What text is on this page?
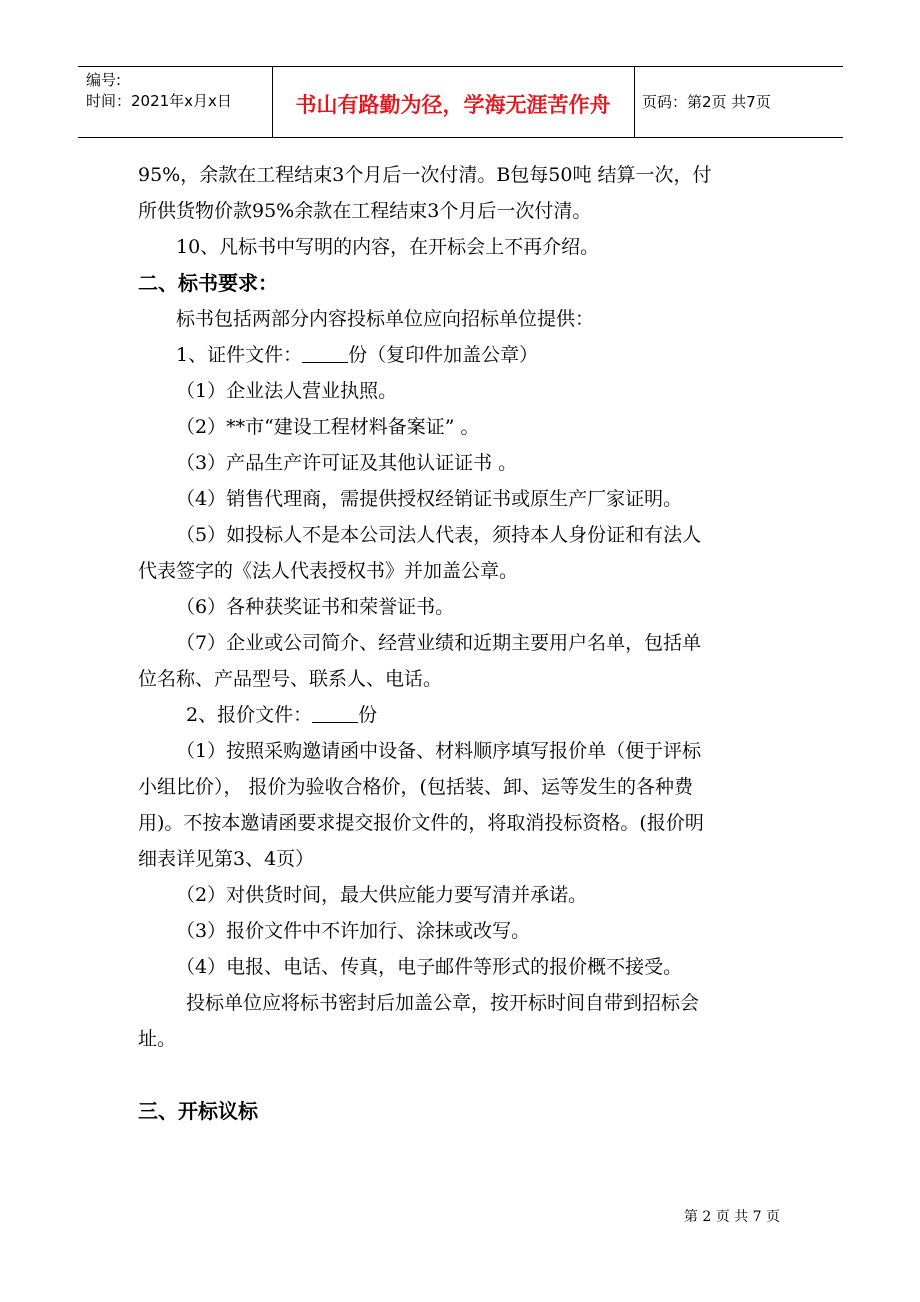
编号:
时间：2021年x月x日	书山有路勤为径，学海无涯苦作舟	页码：第2页 共7页

95%，余款在工程结束3个月后一次付清。B包每50吨 结算一次，付

所供货物价款95%余款在工程结束3个月后一次付清。

10、凡标书中写明的内容，在开标会上不再介绍。

二、标书要求：

标书包括两部分内容投标单位应向招标单位提供：

1、证件文件： 份（复印件加盖公章）

（1）企业法人营业执照。

（2）**市“建设工程材料备案证” 。

（3）产品生产许可证及其他认证证书 。

（4）销售代理商，需提供授权经销证书或原生产厂家证明。

（5）如投标人不是本公司法人代表，须持本人身份证和有法人

代表签字的《法人代表授权书》并加盖公章。

（6）各种获奖证书和荣誉证书。

（7）企业或公司简介、经营业绩和近期主要用户名单，包括单

位名称、产品型号、联系人、电话。

2、报价文件： 份

（1）按照采购邀请函中设备、材料顺序填写报价单（便于评标

小组比价）， 报价为验收合格价，(包括装、卸、运等发生的各种费

用)。不按本邀请函要求提交报价文件的，将取消投标资格。(报价明

细表详见第3、4页）

（2）对供货时间，最大供应能力要写清并承诺。

（3）报价文件中不许加行、涂抹或改写。

（4）电报、电话、传真，电子邮件等形式的报价概不接受。

投标单位应将标书密封后加盖公章，按开标时间自带到招标会

址。

三、开标议标

第 2 页 共 7 页
